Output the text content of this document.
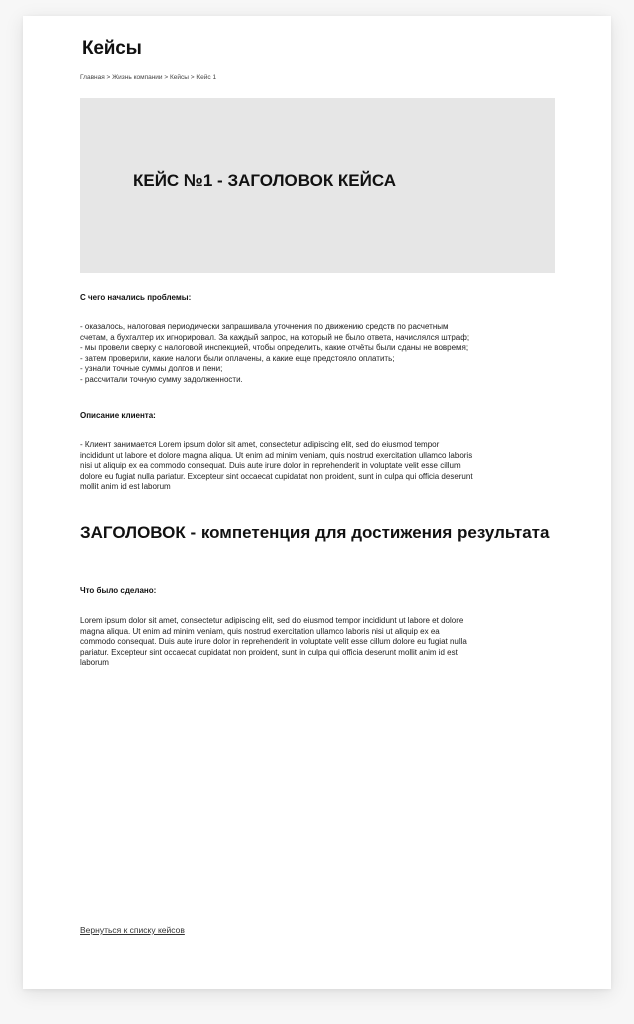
Кейсы
Главная > Жизнь компании > Кейсы > Кейс 1
КЕЙС №1 - ЗАГОЛОВОК КЕЙСА

С чего начались проблемы:

- оказалось, налоговая периодически запрашивала уточнения по движению средств по расчетным
счетам, а бухгалтер их игнорировал. За каждый запрос, на который не было ответа, начислялся штраф;
- мы провели сверку с налоговой инспекцией, чтобы определить, какие отчёты были сданы не вовремя;
- затем проверили, какие налоги были оплачены, а какие еще предстояло оплатить;
- узнали точные суммы долгов и пени;
- рассчитали точную сумму задолженности.

Описание клиента:

- Клиент занимается Lorem ipsum dolor sit amet, consectetur adipiscing elit, sed do eiusmod tempor
incididunt ut labore et dolore magna aliqua. Ut enim ad minim veniam, quis nostrud exercitation ullamco laboris
nisi ut aliquip ex ea commodo consequat. Duis aute irure dolor in reprehenderit in voluptate velit esse cillum
dolore eu fugiat nulla pariatur. Excepteur sint occaecat cupidatat non proident, sunt in culpa qui officia deserunt
mollit anim id est laborum
ЗАГОЛОВОК - компетенция для достижения результата

Что было сделано:

Lorem ipsum dolor sit amet, consectetur adipiscing elit, sed do eiusmod tempor incididunt ut labore et dolore
magna aliqua. Ut enim ad minim veniam, quis nostrud exercitation ullamco laboris nisi ut aliquip ex ea
commodo consequat. Duis aute irure dolor in reprehenderit in voluptate velit esse cillum dolore eu fugiat nulla
pariatur. Excepteur sint occaecat cupidatat non proident, sunt in culpa qui officia deserunt mollit anim id est
laborum
Вернуться к списку кейсов
